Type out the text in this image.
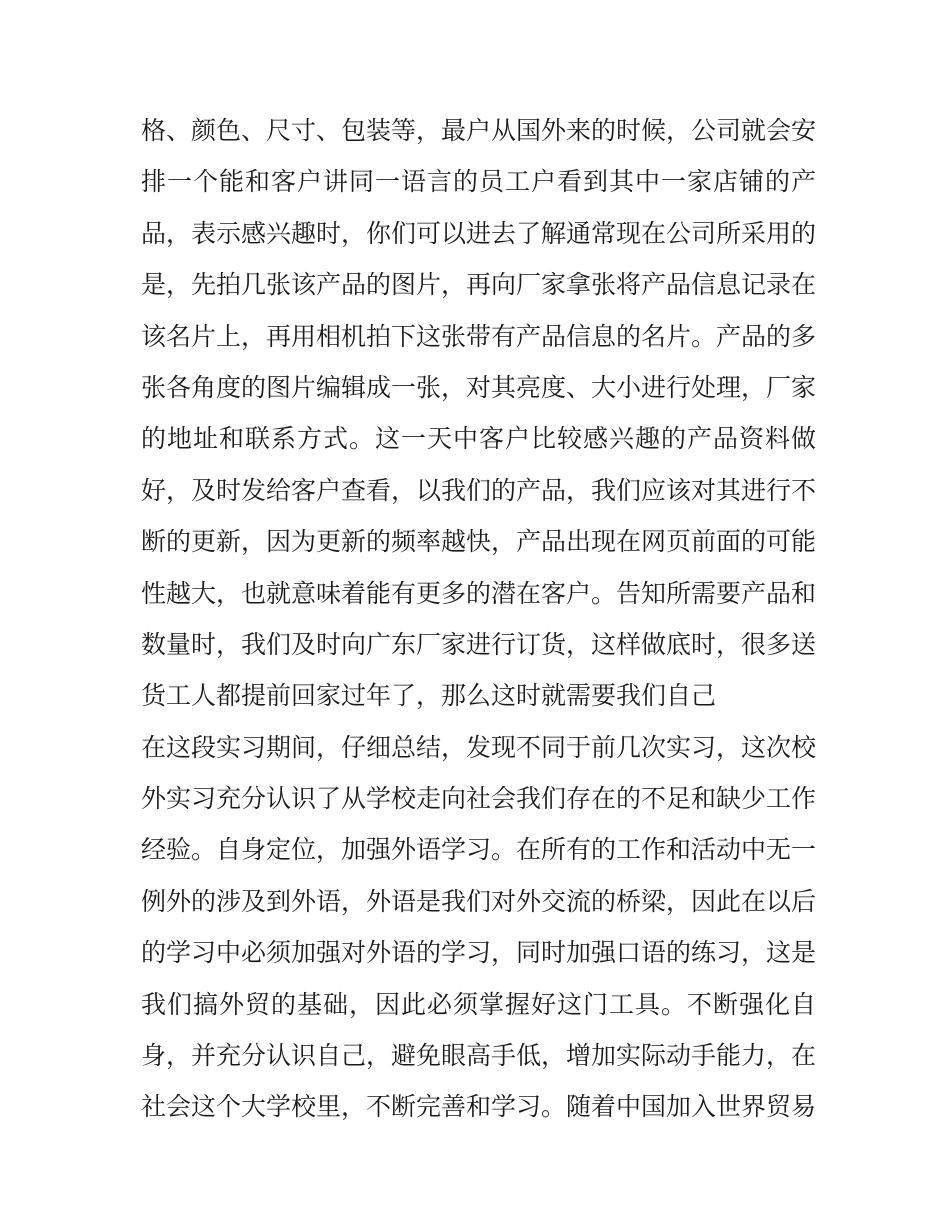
格、颜色、尺寸、包装等，最户从国外来的时候，公司就会安
排一个能和客户讲同一语言的员工户看到其中一家店铺的产
品，表示感兴趣时，你们可以进去了解通常现在公司所采用的
是，先拍几张该产品的图片，再向厂家拿张将产品信息记录在
该名片上，再用相机拍下这张带有产品信息的名片。产品的多
张各角度的图片编辑成一张，对其亮度、大小进行处理，厂家
的地址和联系方式。这一天中客户比较感兴趣的产品资料做
好，及时发给客户查看，以我们的产品，我们应该对其进行不
断的更新，因为更新的频率越快，产品出现在网页前面的可能
性越大，也就意味着能有更多的潜在客户。告知所需要产品和
数量时，我们及时向广东厂家进行订货，这样做底时，很多送
货工人都提前回家过年了，那么这时就需要我们自己
在这段实习期间，仔细总结，发现不同于前几次实习，这次校
外实习充分认识了从学校走向社会我们存在的不足和缺少工作
经验。自身定位，加强外语学习。在所有的工作和活动中无一
例外的涉及到外语，外语是我们对外交流的桥梁，因此在以后
的学习中必须加强对外语的学习，同时加强口语的练习，这是
我们搞外贸的基础，因此必须掌握好这门工具。不断强化自
身，并充分认识自己，避免眼高手低，增加实际动手能力，在
社会这个大学校里，不断完善和学习。随着中国加入世界贸易
